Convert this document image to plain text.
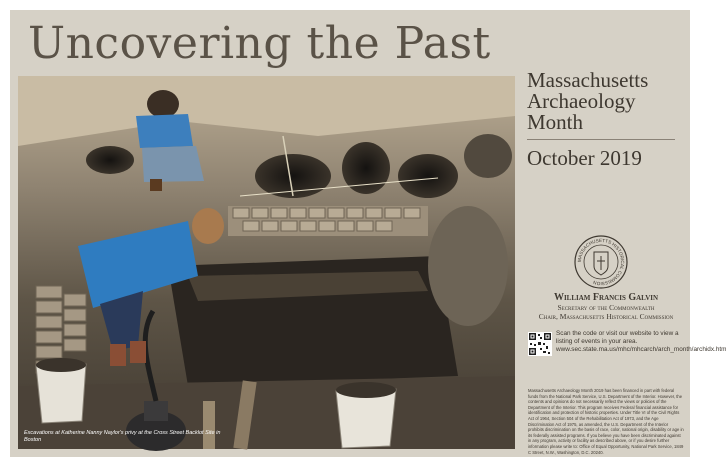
Uncovering the Past
Excavations at Katherine Nanny Naylor's privy at the Cross Street Backlot Site in Boston
Massachusetts
Archaeology
Month
October 2019
MASSACHUSETTS HISTORICAL COMMISSION
William Francis Galvin
Secretary of the Commonwealth
Chair, Massachusetts Historical Commission
Scan the code or visit our website to view a listing of events in your area. www.sec.state.ma.us/mhc/mhcarch/arch_month/archidx.htm
Massachusetts Archaeology Month 2019 has been financed in part with federal funds from the National Park Service, U.S. Department of the Interior. However, the contents and opinions do not necessarily reflect the views or policies of the Department of the Interior. This program receives Federal financial assistance for identification and protection of historic properties. Under Title VI of the Civil Rights Act of 1964, Section 504 of the Rehabilitation Act of 1973, and the Age Discrimination Act of 1975, as amended, the U.S. Department of the Interior prohibits discrimination on the basis of race, color, national origin, disability or age in its federally assisted programs. If you believe you have been discriminated against in any program, activity or facility as described above, or if you desire further information please write to: Office of Equal Opportunity, National Park Service, 1849 C Street, N.W., Washington, D.C. 20240.
